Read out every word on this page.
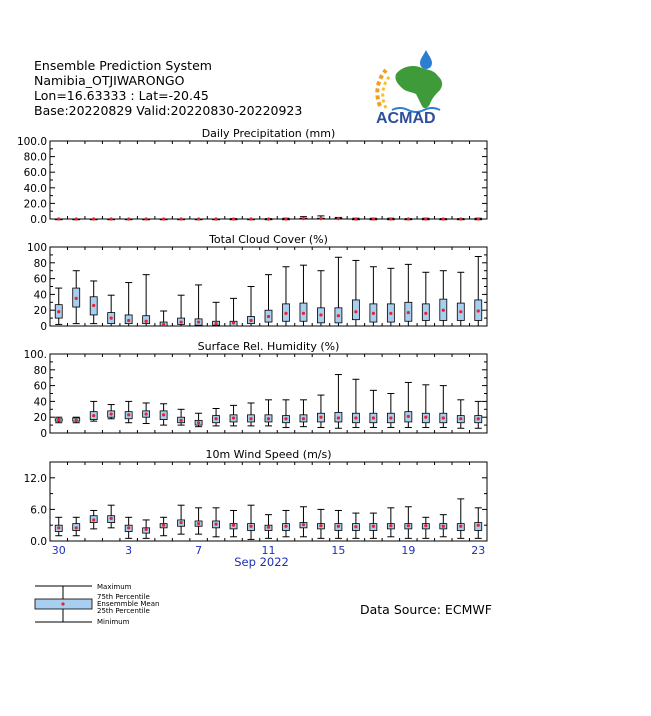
Ensemble Prediction System
Namibia_OTJIWARONGO
Lon=16.63333 : Lat=-20.45
Base:20220829 Valid:20220830-20220923	ACMAD
Daily Precipitation (mm)
0.0
20.0
40.0
60.0
80.0
100.0
Total Cloud Cover (%)
0
20
40
60
80
100
Surface Rel. Humidity (%)
0
20
40
60
80
100.
10m Wind Speed (m/s)
0.0
6.0
12.0
30	3	7	11	15	19	23
Sep 2022
Maximum
75th Percentile
Ensemmble Mean
25th Percentile
Minimum
Data Source: ECMWF
